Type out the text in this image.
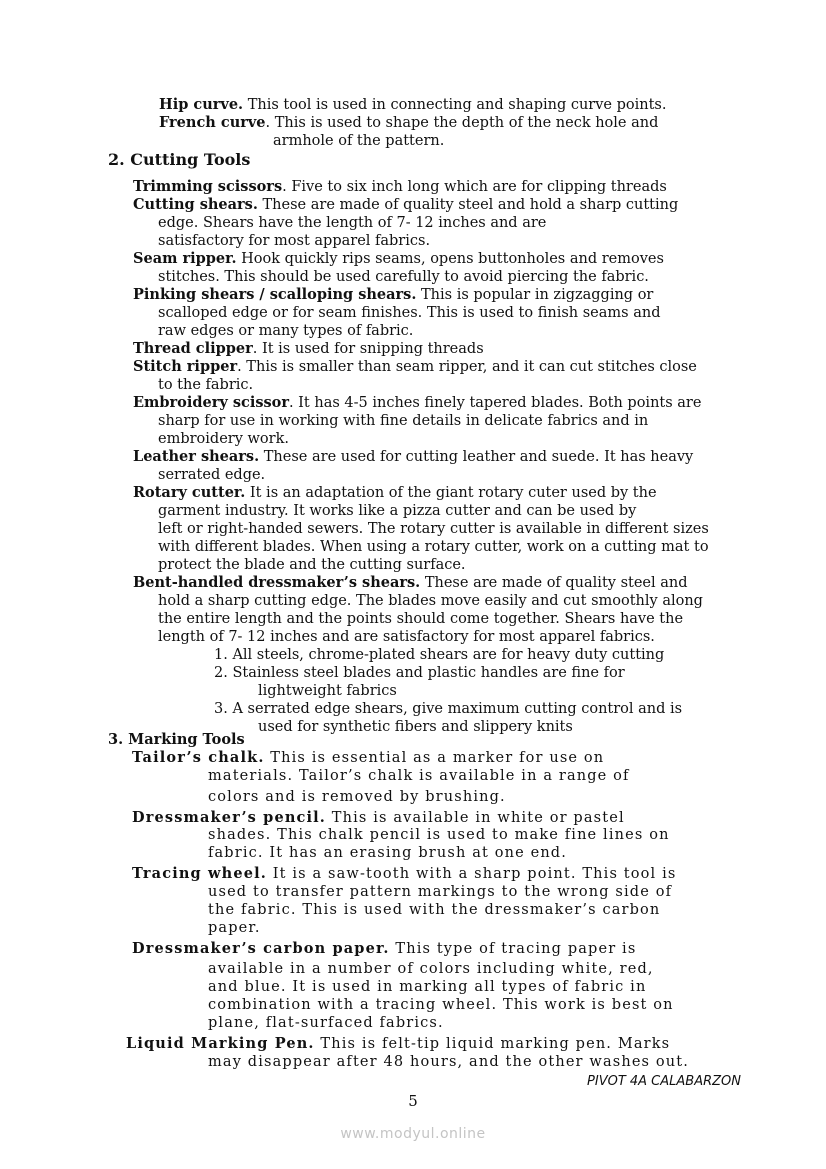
Hip curve. This tool is used in connecting and shaping curve points.
French curve. This is used to shape the depth of the neck hole and
armhole of the pattern.
2. Cutting Tools
Trimming scissors. Five to six inch long which are for clipping threads
Cutting shears. These are made of quality steel and hold a sharp cutting
edge. Shears have the length of 7- 12 inches and are
satisfactory for most apparel fabrics.
Seam ripper. Hook quickly rips seams, opens buttonholes and removes
stitches. This should be used carefully to avoid piercing the fabric.
Pinking shears / scalloping shears. This is popular in zigzagging or
scalloped edge or for seam finishes. This is used to finish seams and
raw edges or many types of fabric.
Thread clipper. It is used for snipping threads
Stitch ripper. This is smaller than seam ripper, and it can cut stitches close
to the fabric.
Embroidery scissor. It has 4-5 inches finely tapered blades. Both points are
sharp for use in working with fine details in delicate fabrics and in
embroidery work.
Leather shears. These are used for cutting leather and suede. It has heavy
serrated edge.
Rotary cutter. It is an adaptation of the giant rotary cuter used by the
garment industry. It works like a pizza cutter and can be used by
left or right-handed sewers. The rotary cutter is available in different sizes
with different blades. When using a rotary cutter, work on a cutting mat to
protect the blade and the cutting surface.
Bent-handled dressmaker’s shears. These are made of quality steel and
hold a sharp cutting edge. The blades move easily and cut smoothly along
the entire length and the points should come together. Shears have the
length of 7- 12 inches and are satisfactory for most apparel fabrics.
1. All steels, chrome-plated shears are for heavy duty cutting
2. Stainless steel blades and plastic handles are fine for
lightweight fabrics
3. A serrated edge shears, give maximum cutting control and is
used for synthetic fibers and slippery knits
3. Marking Tools
Tailor’s chalk. This is essential as a marker for use on
materials. Tailor’s chalk is available in a range of
colors and is removed by brushing.
Dressmaker’s pencil. This is available in white or pastel
shades. This chalk pencil is used to make fine lines on
fabric. It has an erasing brush at one end.
Tracing wheel. It is a saw-tooth with a sharp point. This tool is
used to transfer pattern markings to the wrong side of
the fabric. This is used with the dressmaker’s carbon
paper.
Dressmaker’s carbon paper. This type of tracing paper is
available in a number of colors including white, red,
and blue. It is used in marking all types of fabric in
combination with a tracing wheel. This work is best on
plane, flat-surfaced fabrics.
Liquid Marking Pen. This is felt-tip liquid marking pen. Marks
may disappear after 48 hours, and the other washes out.
PIVOT 4A CALABARZON
5
www.modyul.online
